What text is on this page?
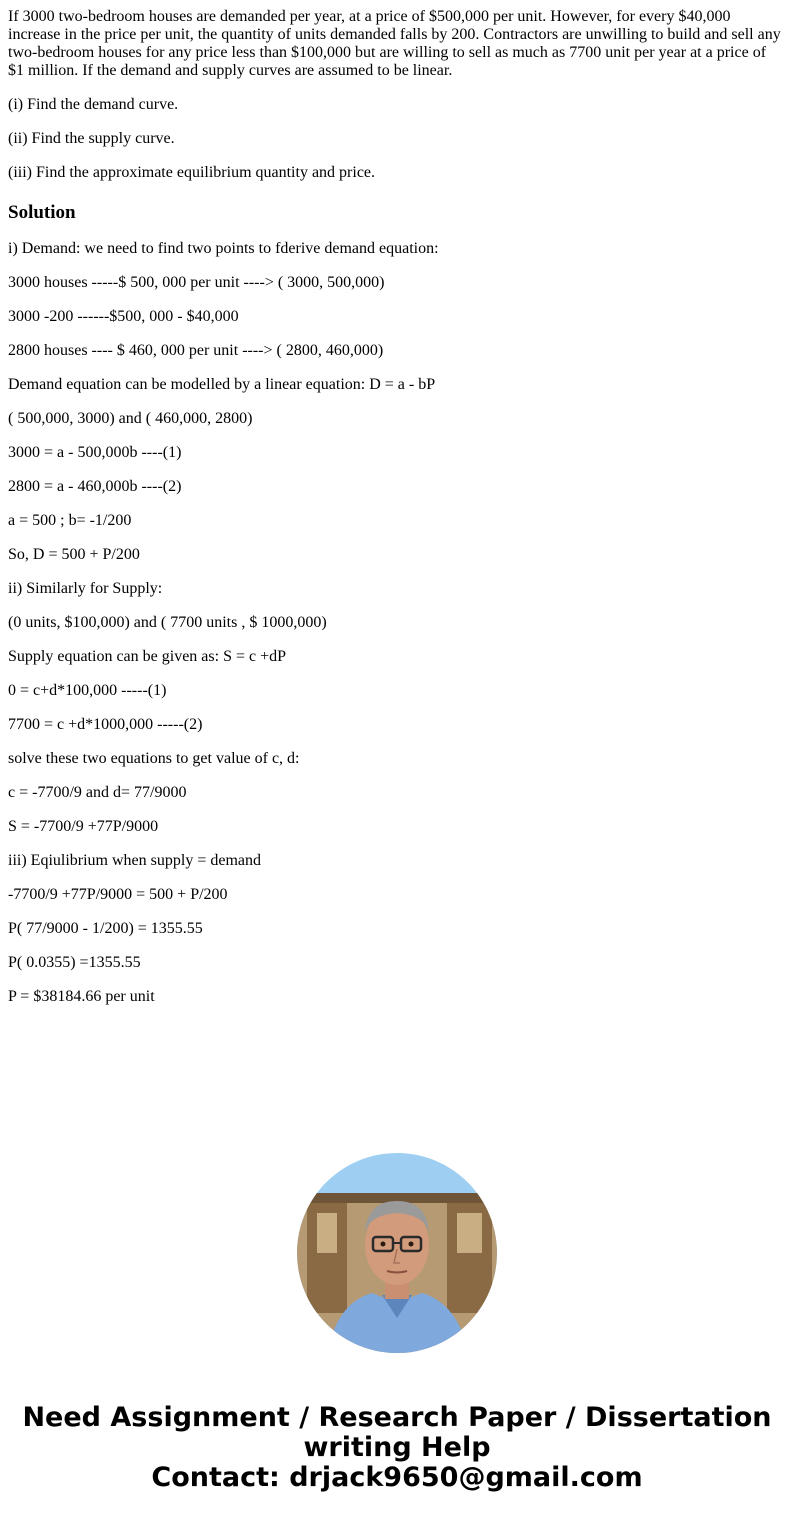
If 3000 two-bedroom houses are demanded per year, at a price of $500,000 per unit. However, for every $40,000 increase in the price per unit, the quantity of units demanded falls by 200. Contractors are unwilling to build and sell any two-bedroom houses for any price less than $100,000 but are willing to sell as much as 7700 unit per year at a price of $1 million. If the demand and supply curves are assumed to be linear.

(i) Find the demand curve.

(ii) Find the supply curve.

(iii) Find the approximate equilibrium quantity and price.

Solution

i) Demand: we need to find two points to fderive demand equation:

3000 houses -----$ 500, 000 per unit ----> ( 3000, 500,000)

3000 -200 ------$500, 000 - $40,000

2800 houses ---- $ 460, 000 per unit ----> ( 2800, 460,000)

Demand equation can be modelled by a linear equation: D = a - bP

( 500,000, 3000) and ( 460,000, 2800)

3000 = a - 500,000b ----(1)

2800 = a - 460,000b ----(2)

a = 500 ; b= -1/200

So, D = 500 + P/200

ii) Similarly for Supply:

(0 units, $100,000) and ( 7700 units , $ 1000,000)

Supply equation can be given as: S = c +dP

0 = c+d*100,000 -----(1)

7700 = c +d*1000,000 -----(2)

solve these two equations to get value of c, d:

c = -7700/9 and d= 77/9000

S = -7700/9 +77P/9000

iii) Eqiulibrium when supply = demand

-7700/9 +77P/9000 = 500 + P/200

P( 77/9000 - 1/200) = 1355.55

P( 0.0355) =1355.55

P = $38184.66 per unit

Need Assignment / Research Paper / Dissertation
writing Help
Contact: drjack9650@gmail.com
